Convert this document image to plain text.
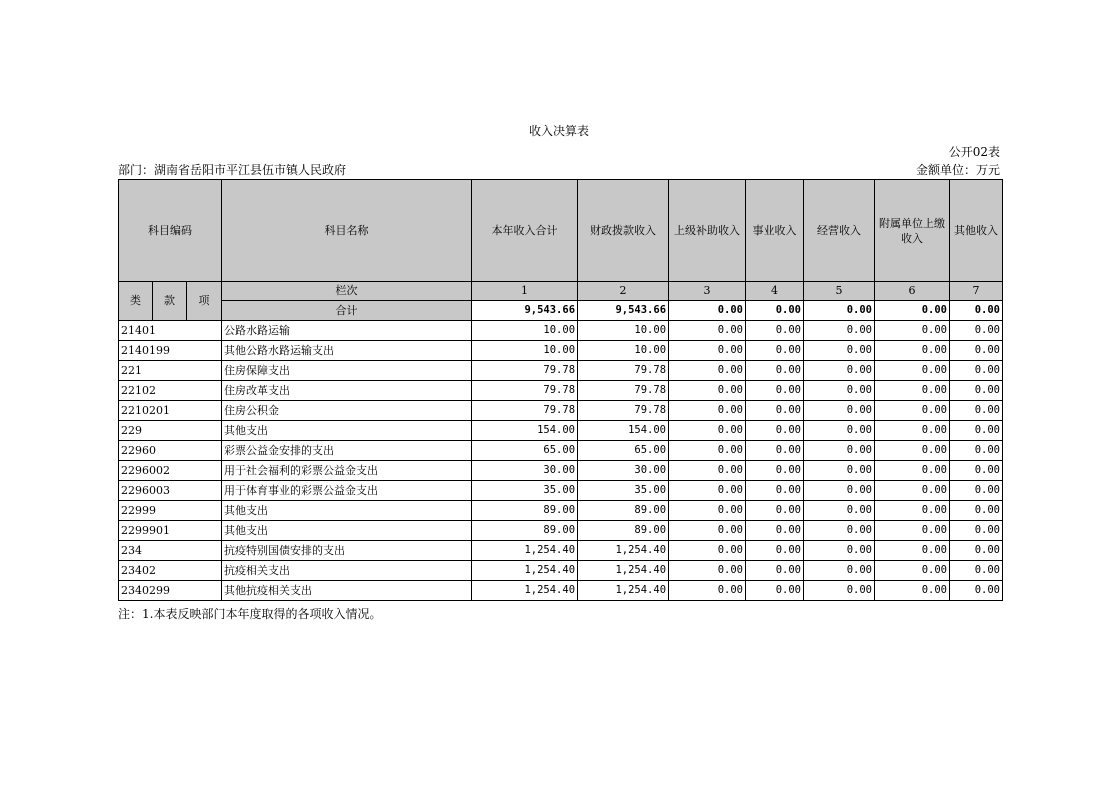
收入决算表
公开02表
部门：湖南省岳阳市平江县伍市镇人民政府	金额单位：万元
科目编码			科目名称	本年收入合计	财政拨款收入	上级补助收入	事业收入	经营收入	附属单位上缴收入	其他收入
类	款	项	栏次	1	2	3	4	5	6	7
			合计	9,543.66	9,543.66	0.00	0.00	0.00	0.00	0.00
21401			公路水路运输	10.00	10.00	0.00	0.00	0.00	0.00	0.00
2140199			其他公路水路运输支出	10.00	10.00	0.00	0.00	0.00	0.00	0.00
221			住房保障支出	79.78	79.78	0.00	0.00	0.00	0.00	0.00
22102			住房改革支出	79.78	79.78	0.00	0.00	0.00	0.00	0.00
2210201			住房公积金	79.78	79.78	0.00	0.00	0.00	0.00	0.00
229			其他支出	154.00	154.00	0.00	0.00	0.00	0.00	0.00
22960			彩票公益金安排的支出	65.00	65.00	0.00	0.00	0.00	0.00	0.00
2296002			用于社会福利的彩票公益金支出	30.00	30.00	0.00	0.00	0.00	0.00	0.00
2296003			用于体育事业的彩票公益金支出	35.00	35.00	0.00	0.00	0.00	0.00	0.00
22999			其他支出	89.00	89.00	0.00	0.00	0.00	0.00	0.00
2299901			其他支出	89.00	89.00	0.00	0.00	0.00	0.00	0.00
234			抗疫特别国债安排的支出	1,254.40	1,254.40	0.00	0.00	0.00	0.00	0.00
23402			抗疫相关支出	1,254.40	1,254.40	0.00	0.00	0.00	0.00	0.00
2340299			其他抗疫相关支出	1,254.40	1,254.40	0.00	0.00	0.00	0.00	0.00
注：1.本表反映部门本年度取得的各项收入情况。
